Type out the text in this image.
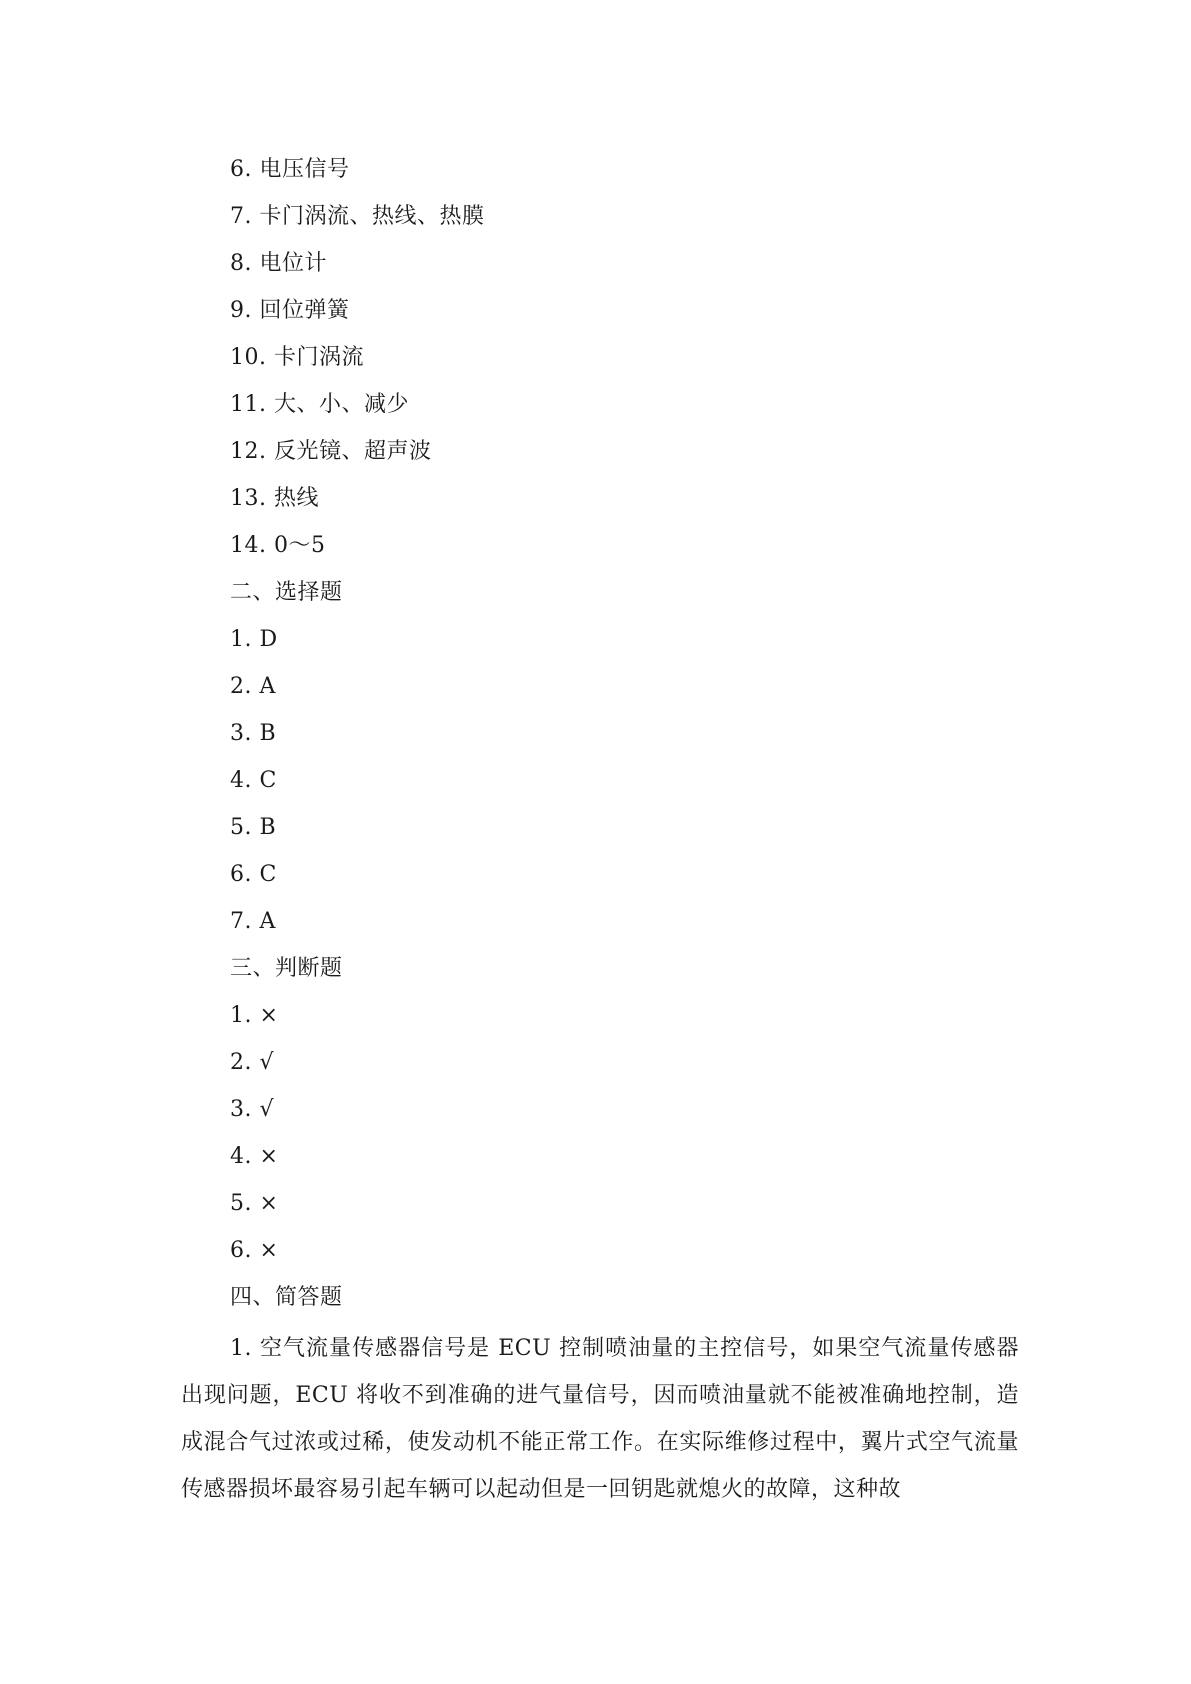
6. 电压信号
7. 卡门涡流、热线、热膜
8. 电位计
9. 回位弹簧
10. 卡门涡流
11. 大、小、减少
12. 反光镜、超声波
13. 热线
14. 0～5
二、选择题
1. D
2. A
3. B
4. C
5. B
6. C
7. A
三、判断题
1. ×
2. √
3. √
4. ×
5. ×
6. ×
四、简答题
1. 空气流量传感器信号是 ECU 控制喷油量的主控信号，如果空气流量传感器出现问题，ECU 将收不到准确的进气量信号，因而喷油量就不能被准确地控制，造成混合气过浓或过稀，使发动机不能正常工作。在实际维修过程中，翼片式空气流量传感器损坏最容易引起车辆可以起动但是一回钥匙就熄火的故障，这种故
